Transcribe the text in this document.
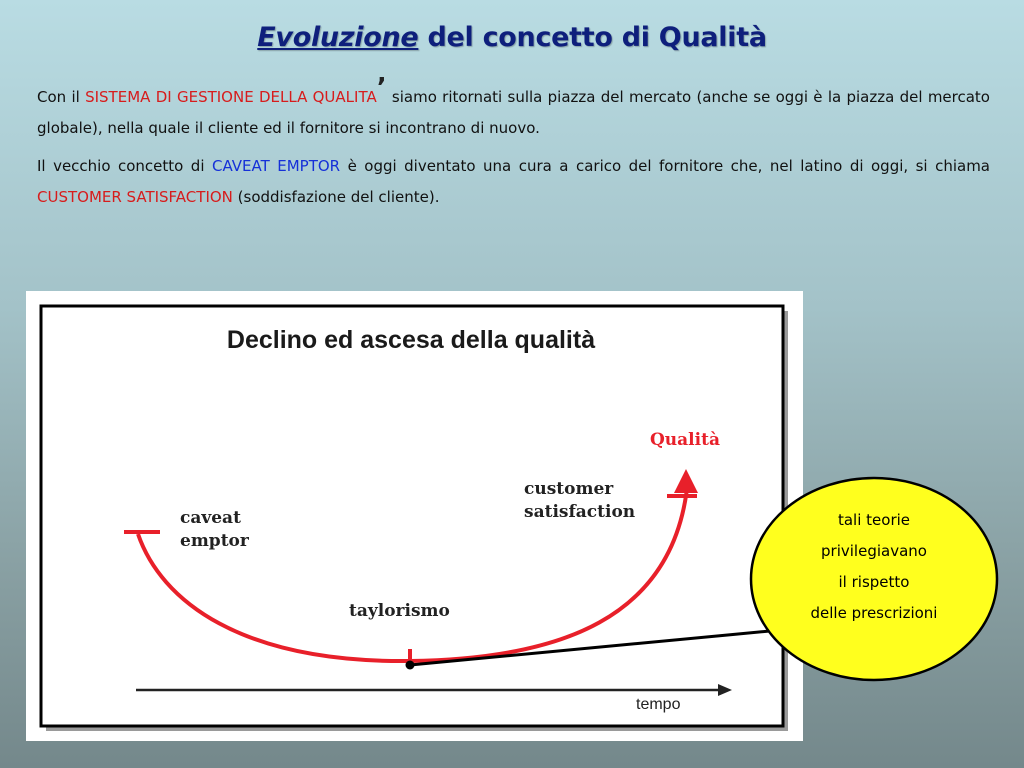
Evoluzione del concetto di Qualità
Con il SISTEMA DI GESTIONE DELLA QUALITA’ siamo ritornati sulla piazza del mercato (anche se oggi è la piazza del mercato globale), nella quale il cliente ed il fornitore si incontrano di nuovo.
Il vecchio concetto di CAVEAT EMPTOR è oggi diventato una cura a carico del fornitore che, nel latino di oggi, si chiama CUSTOMER SATISFACTION (soddisfazione del cliente).
Declino ed ascesa della qualità
Qualità
customer
satisfaction
caveat
emptor
taylorismo
tempo
tali teorie
privilegiavano
il rispetto
delle prescrizioni
